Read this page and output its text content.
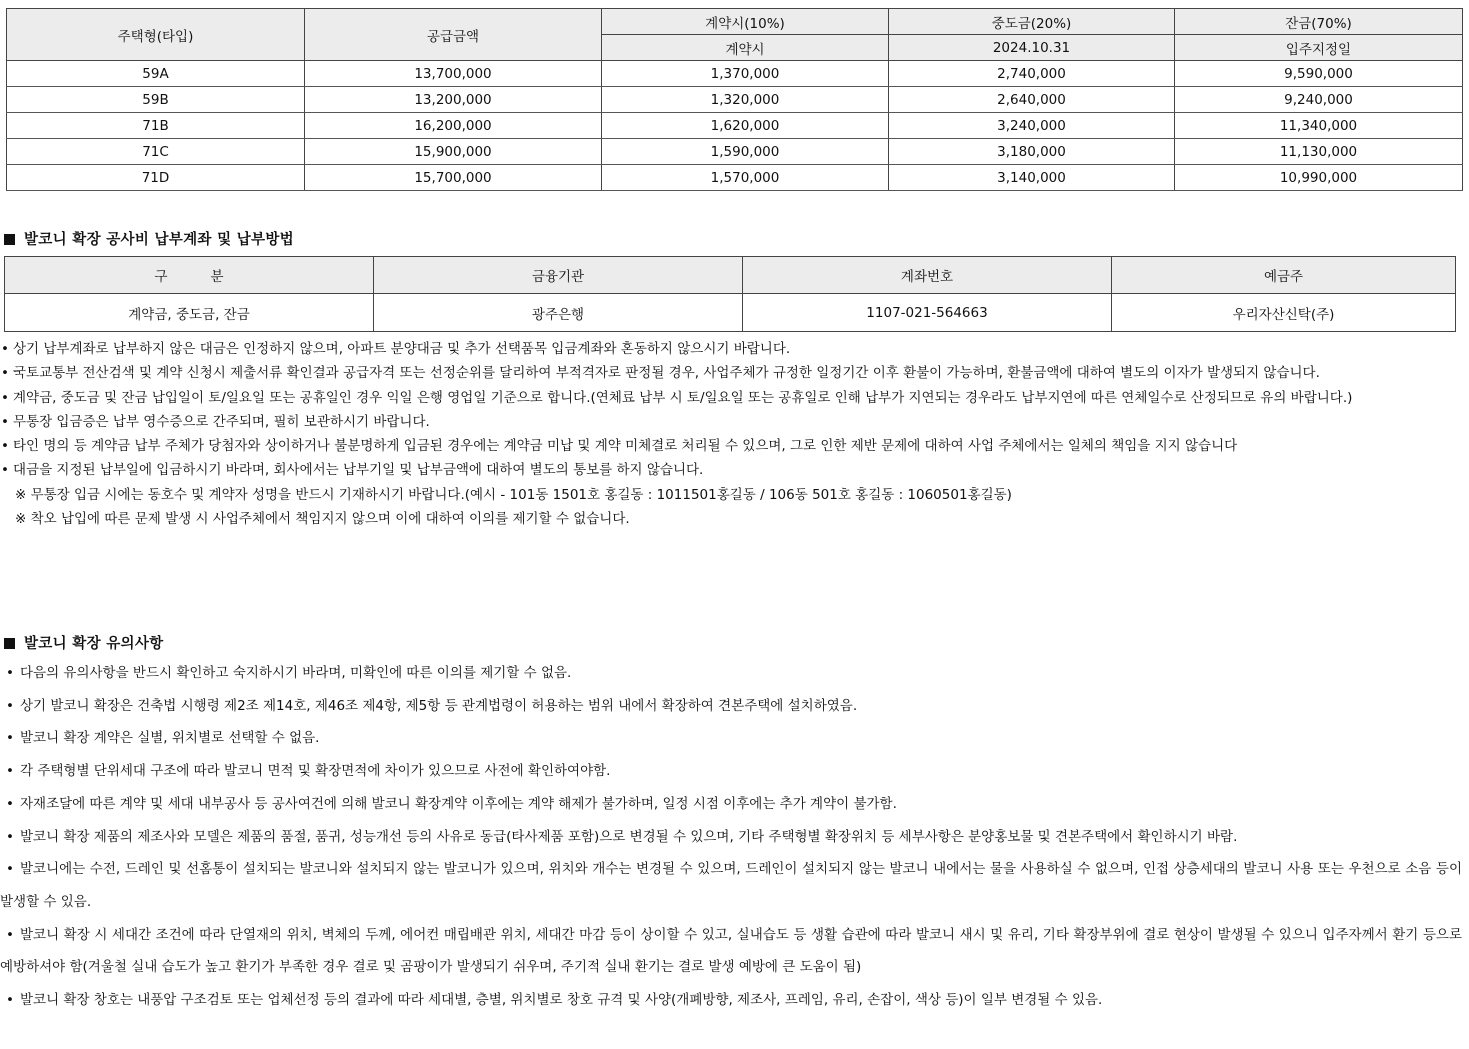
주택형(타입)	공급금액	계약시(10%)	중도금(20%)	잔금(70%)
		계약시	2024.10.31	입주지정일
59A	13,700,000	1,370,000	2,740,000	9,590,000
59B	13,200,000	1,320,000	2,640,000	9,240,000
71B	16,200,000	1,620,000	3,240,000	11,340,000
71C	15,900,000	1,590,000	3,180,000	11,130,000
71D	15,700,000	1,570,000	3,140,000	10,990,000
발코니 확장 공사비 납부계좌 및 납부방법
구          분	금융기관	계좌번호	예금주
계약금, 중도금, 잔금	광주은행	1107-021-564663	우리자산신탁(주)
• 상기 납부계좌로 납부하지 않은 대금은 인정하지 않으며, 아파트 분양대금 및 추가 선택품목 입금계좌와 혼동하지 않으시기 바랍니다.
• 국토교통부 전산검색 및 계약 신청시 제출서류 확인결과 공급자격 또는 선정순위를 달리하여 부적격자로 판정될 경우, 사업주체가 규정한 일정기간 이후 환불이 가능하며, 환불금액에 대하여 별도의 이자가 발생되지 않습니다.
• 계약금, 중도금 및 잔금 납입일이 토/일요일 또는 공휴일인 경우 익일 은행 영업일 기준으로 합니다.(연체료 납부 시 토/일요일 또는 공휴일로 인해 납부가 지연되는 경우라도 납부지연에 따른 연체일수로 산정되므로 유의 바랍니다.)
• 무통장 입금증은 납부 영수증으로 간주되며, 필히 보관하시기 바랍니다.
• 타인 명의 등 계약금 납부 주체가 당첨자와 상이하거나 불분명하게 입금된 경우에는 계약금 미납 및 계약 미체결로 처리될 수 있으며, 그로 인한 제반 문제에 대하여 사업 주체에서는 일체의 책임을 지지 않습니다
• 대금을 지정된 납부일에 입금하시기 바라며, 회사에서는 납부기일 및 납부금액에 대하여 별도의 통보를 하지 않습니다.
※ 무통장 입금 시에는 동호수 및 계약자 성명을 반드시 기재하시기 바랍니다.(예시 - 101동 1501호 홍길동 : 1011501홍길동 / 106동 501호 홍길동 : 1060501홍길동)
※ 착오 납입에 따른 문제 발생 시 사업주체에서 책임지지 않으며 이에 대하여 이의를 제기할 수 없습니다.
발코니 확장 유의사항
• 다음의 유의사항을 반드시 확인하고 숙지하시기 바라며, 미확인에 따른 이의를 제기할 수 없음.
• 상기 발코니 확장은 건축법 시행령 제2조 제14호, 제46조 제4항, 제5항 등 관계법령이 허용하는 범위 내에서 확장하여 견본주택에 설치하였음.
• 발코니 확장 계약은 실별, 위치별로 선택할 수 없음.
• 각 주택형별 단위세대 구조에 따라 발코니 면적 및 확장면적에 차이가 있으므로 사전에 확인하여야함.
• 자재조달에 따른 계약 및 세대 내부공사 등 공사여건에 의해 발코니 확장계약 이후에는 계약 해제가 불가하며, 일정 시점 이후에는 추가 계약이 불가함.
• 발코니 확장 제품의 제조사와 모델은 제품의 품절, 품귀, 성능개선 등의 사유로 동급(타사제품 포함)으로 변경될 수 있으며, 기타 주택형별 확장위치 등 세부사항은 분양홍보물 및 견본주택에서 확인하시기 바람.
• 발코니에는 수전, 드레인 및 선홈통이 설치되는 발코니와 설치되지 않는 발코니가 있으며, 위치와 개수는 변경될 수 있으며, 드레인이 설치되지 않는 발코니 내에서는 물을 사용하실 수 없으며, 인접 상층세대의 발코니 사용 또는 우천으로 소음 등이 발생할 수 있음.
• 발코니 확장 시 세대간 조건에 따라 단열재의 위치, 벽체의 두께, 에어컨 매립배관 위치, 세대간 마감 등이 상이할 수 있고, 실내습도 등 생활 습관에 따라 발코니 새시 및 유리, 기타 확장부위에 결로 현상이 발생될 수 있으니 입주자께서 환기 등으로 예방하셔야 함(겨울철 실내 습도가 높고 환기가 부족한 경우 결로 및 곰팡이가 발생되기 쉬우며, 주기적 실내 환기는 결로 발생 예방에 큰 도움이 됨)
• 발코니 확장 창호는 내풍압 구조검토 또는 업체선정 등의 결과에 따라 세대별, 층별, 위치별로 창호 규격 및 사양(개폐방향, 제조사, 프레임, 유리, 손잡이, 색상 등)이 일부 변경될 수 있음.
